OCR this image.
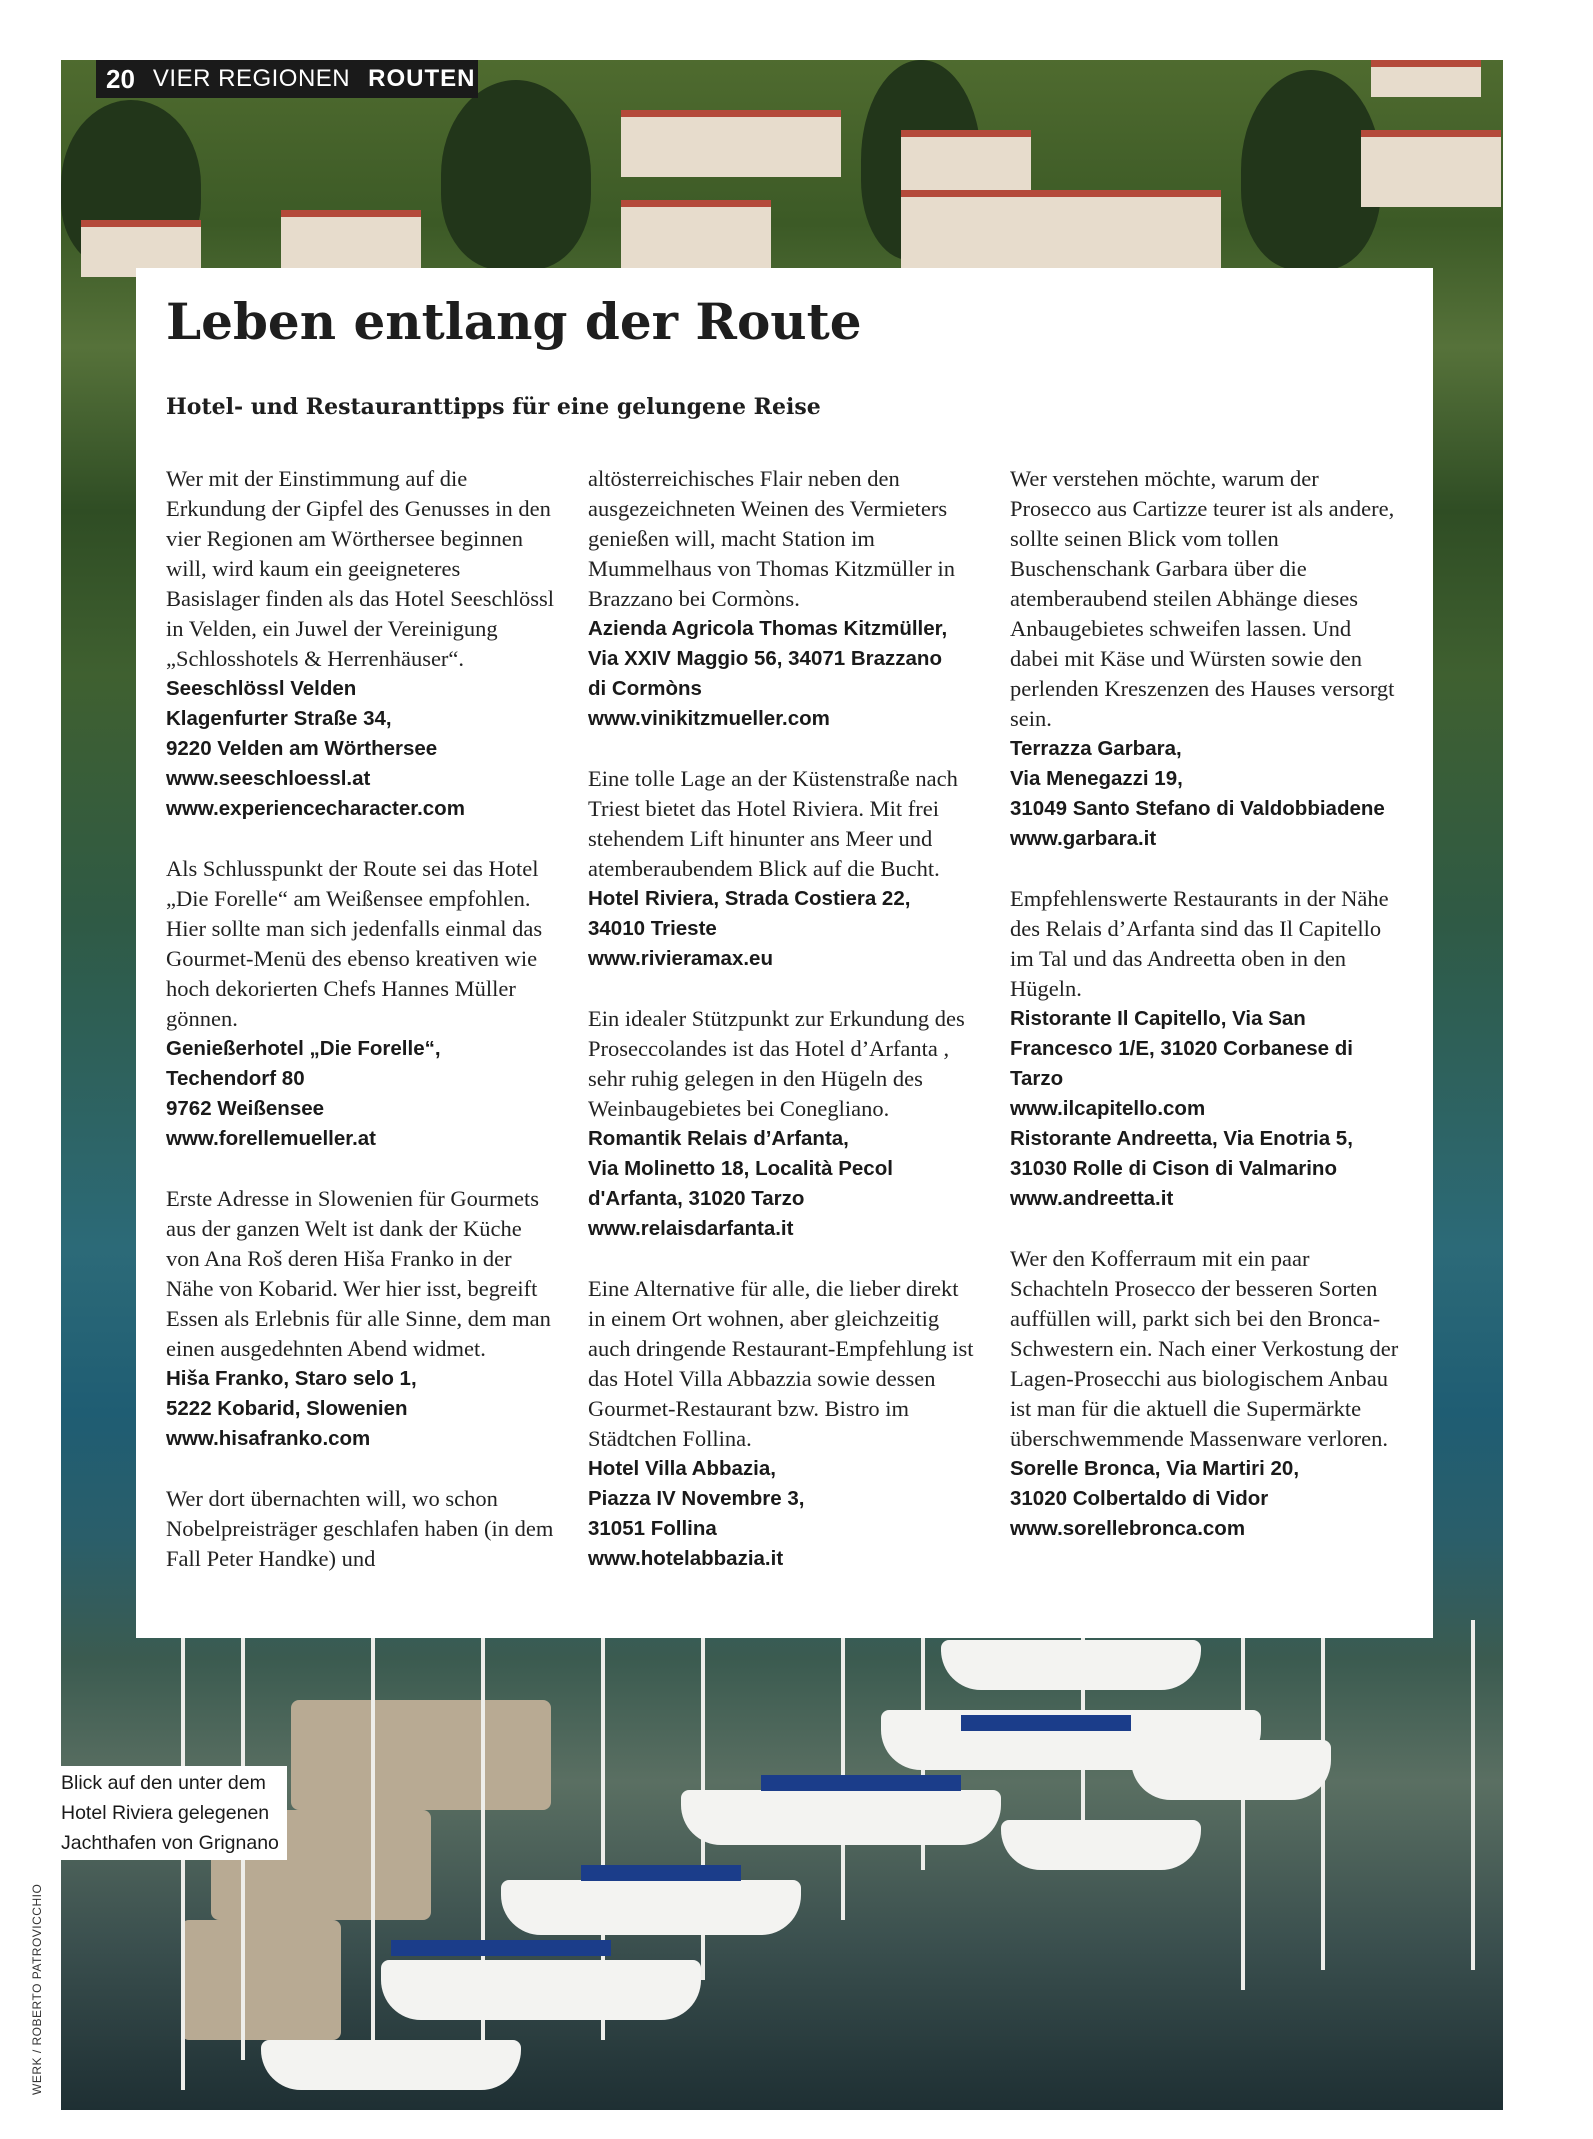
20 VIER REGIONEN ROUTEN
Leben entlang der Route
Hotel- und Restauranttipps für eine gelungene Reise

Wer mit der Einstimmung auf die Erkundung der Gipfel des Genusses in den vier Regionen am Wörthersee beginnen will, wird kaum ein geeigneteres Basislager finden als das Hotel Seeschlössl in Velden, ein Juwel der Vereinigung „Schlosshotels & Herrenhäuser“.

Seeschlössl Velden

Klagenfurter Straße 34,

9220 Velden am Wörthersee

www.seeschloessl.at

www.experiencecharacter.com

Als Schlusspunkt der Route sei das Hotel „Die Forelle“ am Weißensee empfohlen. Hier sollte man sich jedenfalls einmal das Gourmet-Menü des ebenso kreativen wie hoch dekorierten Chefs Hannes Müller gönnen.

Genießerhotel „Die Forelle“,

Techendorf 80

9762 Weißensee

www.forellemueller.at

Erste Adresse in Slowenien für Gourmets aus der ganzen Welt ist dank der Küche von Ana Roš deren Hiša Franko in der Nähe von Kobarid. Wer hier isst, begreift Essen als Erlebnis für alle Sinne, dem man einen ausgedehnten Abend widmet.

Hiša Franko, Staro selo 1,

5222 Kobarid, Slowenien

www.hisafranko.com

Wer dort übernachten will, wo schon Nobelpreisträger geschlafen haben (in dem Fall Peter Handke) und

altösterreichisches Flair neben den ausgezeichneten Weinen des Vermieters genießen will, macht Station im Mummelhaus von Thomas Kitzmüller in Brazzano bei Cormòns.

Azienda Agricola Thomas Kitzmüller,

Via XXIV Maggio 56, 34071 Brazzano

di Cormòns

www.vinikitzmueller.com

Eine tolle Lage an der Küstenstraße nach Triest bietet das Hotel Riviera. Mit frei stehendem Lift hinunter ans Meer und atemberaubendem Blick auf die Bucht.

Hotel Riviera, Strada Costiera 22,

34010 Trieste

www.rivieramax.eu

Ein idealer Stützpunkt zur Erkundung des Proseccolandes ist das Hotel d’Arfanta , sehr ruhig gelegen in den Hügeln des Weinbaugebietes bei Conegliano.

Romantik Relais d’Arfanta,

Via Molinetto 18, Località Pecol

d'Arfanta, 31020 Tarzo

www.relaisdarfanta.it

Eine Alternative für alle, die lieber direkt in einem Ort wohnen, aber gleichzeitig auch dringende Restaurant-Empfehlung ist das Hotel Villa Abbazzia sowie dessen Gourmet-Restaurant bzw. Bistro im Städtchen Follina.

Hotel Villa Abbazia,

Piazza IV Novembre 3,

31051 Follina

www.hotelabbazia.it

Wer verstehen möchte, warum der Prosecco aus Cartizze teurer ist als andere, sollte seinen Blick vom tollen Buschenschank Garbara über die atemberaubend steilen Abhänge dieses Anbaugebietes schweifen lassen. Und dabei mit Käse und Würsten sowie den perlenden Kreszenzen des Hauses versorgt sein.

Terrazza Garbara,

Via Menegazzi 19,

31049 Santo Stefano di Valdobbiadene

www.garbara.it

Empfehlenswerte Restaurants in der Nähe des Relais d’Arfanta sind das Il Capitello im Tal und das Andreetta oben in den Hügeln.

Ristorante Il Capitello, Via San

Francesco 1/E, 31020 Corbanese di

Tarzo

www.ilcapitello.com

Ristorante Andreetta, Via Enotria 5,

31030 Rolle di Cison di Valmarino

www.andreetta.it

Wer den Kofferraum mit ein paar Schachteln Prosecco der besseren Sorten auffüllen will, parkt sich bei den Bronca-Schwestern ein. Nach einer Verkostung der Lagen-Prosecchi aus biologischem Anbau ist man für die aktuell die Supermärkte überschwemmende Massenware verloren.

Sorelle Bronca, Via Martiri 20,

31020 Colbertaldo di Vidor

www.sorellebronca.com

Blick auf den unter dem
Hotel Riviera gelegenen
Jachthafen von Grignano
WERK / ROBERTO PATROVICCHIO
